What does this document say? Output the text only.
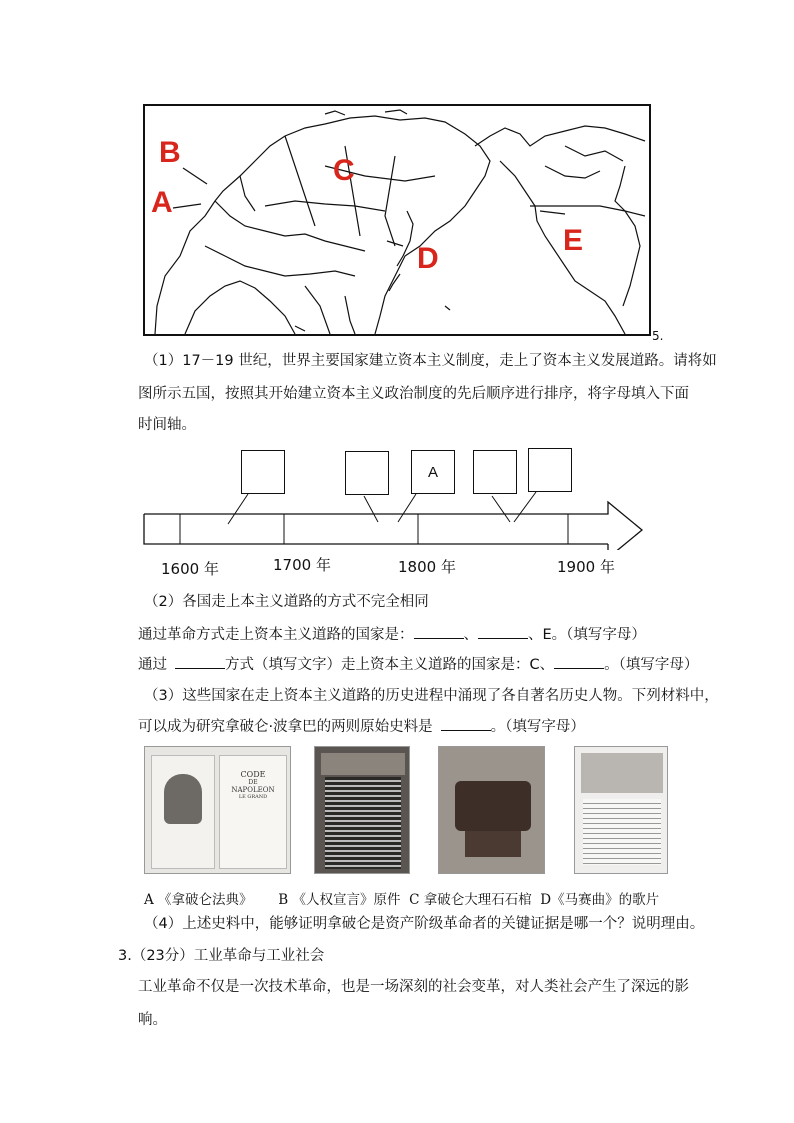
B
A
C
D
E
5.
（1）17－19 世纪，世界主要国家建立资本主义制度，走上了资本主义发展道路。请将如
图所示五国，按照其开始建立资本主义政治制度的先后顺序进行排序，将字母填入下面
时间轴。
A
1600 年	1700 年	1800 年	1900 年
（2）各国走上本主义道路的方式不完全相同
通过革命方式走上资本主义道路的国家是：	、	、E。（填写字母）
通过	方式（填写文字）走上资本主义道路的国家是：C、	。（填写字母）
（3）这些国家在走上资本主义道路的历史进程中涌现了各自著名历史人物。下列材料中，
可以成为研究拿破仑·波拿巴的两则原始史料是	。（填写字母）
CODE
DE
NAPOLEON
LE GRAND
A 《拿破仑法典》      B 《人权宣言》原件  C 拿破仑大理石石棺  D《马赛曲》的歌片
（4）上述史料中，能够证明拿破仑是资产阶级革命者的关键证据是哪一个？说明理由。
3.（23分）工业革命与工业社会
工业革命不仅是一次技术革命，也是一场深刻的社会变革，对人类社会产生了深远的影
响。
